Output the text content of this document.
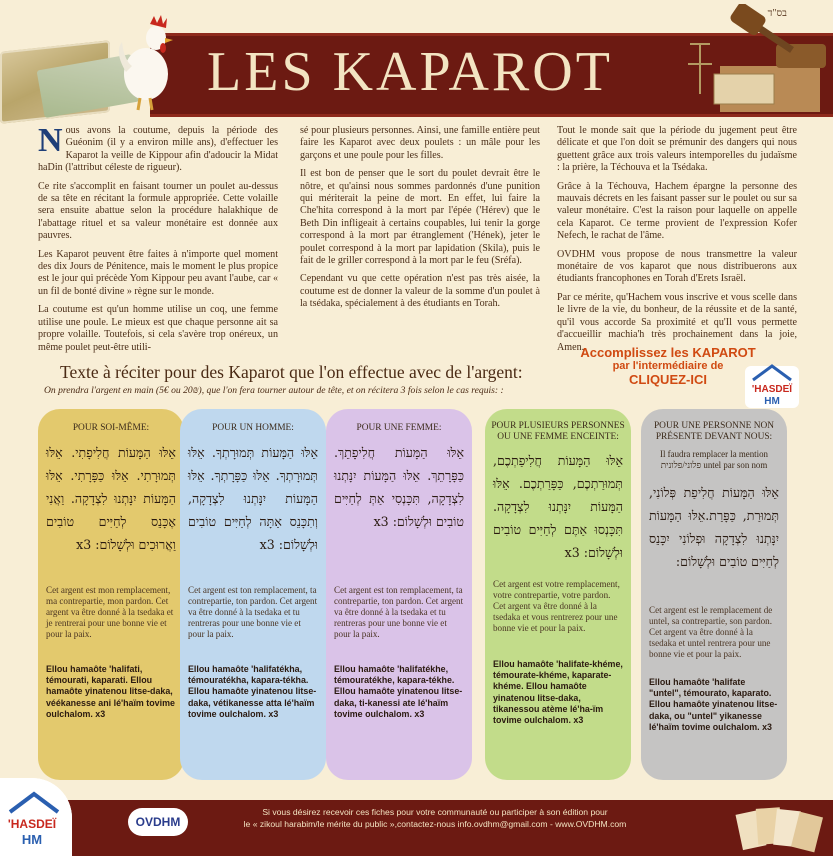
LES KAPAROT
בס"ד

Nous avons la coutume, depuis la période des Guéonim (il y a environ mille ans), d'effectuer les Kaparot la veille de Kippour afin d'adoucir la Midat haDin (l'attribut céleste de rigueur).

Ce rite s'accomplit en faisant tourner un poulet au-dessus de sa tête en récitant la formule appropriée. Cette volaille sera ensuite abattue selon la procédure halakhique de l'abattage rituel et sa valeur monétaire est donnée aux pauvres.

Les Kaparot peuvent être faites à n'importe quel moment des dix Jours de Pénitence, mais le moment le plus propice est le jour qui précède Yom Kippour peu avant l'aube, car « un fil de bonté divine » règne sur le monde.

La coutume est qu'un homme utilise un coq, une femme utilise une poule. Le mieux est que chaque personne ait sa propre volaille. Toutefois, si cela s'avère trop onéreux, un même poulet peut-être utili-

sé pour plusieurs personnes. Ainsi, une famille entière peut faire les Kaparot avec deux poulets : un mâle pour les garçons et une poule pour les filles.

Il est bon de penser que le sort du poulet devrait être le nôtre, et qu'ainsi nous sommes pardonnés d'une punition qui mériterait la peine de mort. En effet, lui faire la Che'hita correspond à la mort par l'épée ('Hérev) que le Beth Din infligeait à certains coupables, lui tenir la gorge correspond à la mort par étranglement ('Hének), jeter le poulet correspond à la mort par lapidation (Skila), puis le fait de le griller correspond à la mort par le feu (Sréfa).

Cependant vu que cette opération n'est pas très aisée, la coutume est de donner la valeur de la somme d'un poulet à la tsédaka, spécialement à des étudiants en Torah.

Tout le monde sait que la période du jugement peut être délicate et que l'on doit se prémunir des dangers qui nous guettent grâce aux trois valeurs intemporelles du judaïsme : la prière, la Téchouva et la Tsédaka.

Grâce à la Téchouva, Hachem épargne la personne des mauvais décrets en les faisant passer sur le poulet ou sur sa valeur monétaire. C'est la raison pour laquelle on appelle cela Kaparot. Ce terme provient de l'expression Kofer Nefech, le rachat de l'âme.

OVDHM vous propose de nous transmettre la valeur monétaire de vos kaparot que nous distribuerons aux étudiants francophones en Torah d'Erets Israël.

Par ce mérite, qu'Hachem vous inscrive et vous scelle dans le livre de la vie, du bonheur, de la réussite et de la santé, qu'il vous accorde Sa proximité et qu'Il vous permette d'accueillir machia'h très prochainement dans la joie, Amen.

Texte à réciter pour des Kaparot que l'on effectue avec de l'argent:
On prendra l'argent en main (5€ ou 20₪), que l'on fera tourner autour de tête, et on récitera 3 fois selon le cas requis: :
Accomplissez les KAPAROT
par l'intermédiaire de
CLIQUEZ-ICI
'HASDEÏ
HM
POUR SOI-MÊME:
אֵלּוּ הַמָּעוֹת חֲלִיפָתִי. אֵלּוּ תְּמוּרָתִי. אֵלּוּ כַּפָּרָתִי. אֵלּוּ הַמָּעוֹת יִנָּתְנוּ לִצְדָקָה. וַאֲנִי אֶכָּנֵס לְחַיִּים טוֹבִים וַאֲרוּכִים וּלְשָׁלוֹם: x3
Cet argent est mon remplacement, ma contrepartie, mon pardon. Cet argent va être donné à la tsedaka et je rentrerai pour une bonne vie et pour la paix.
Ellou hamaôte 'halifati, témourati, kaparati. Ellou hamaôte yinatenou litse-daka, véékanesse ani lé'haïm tovime oulchalom. x3
POUR UN HOMME:
אֵלּוּ הַמָּעוֹת תְּמוּרָתְךָ. אֵלּוּ תְּמוּרָתְךָ. אֵלּוּ כַּפָּרָתְךָ. אֵלּוּ הַמָּעוֹת יִנָּתְנוּ לִצְדָקָה, וְתִכָּנֵס אַתָּה לְחַיִּים טוֹבִים וּלְשָׁלוֹם: x3
Cet argent est ton remplacement, ta contrepartie, ton pardon. Cet argent va être donné à la tsedaka et tu rentreras pour une bonne vie et pour la paix.
Ellou hamaôte 'halifatékha, témouratékha, kapara-tékha. Ellou hamaôte yinatenou litse-daka, vétikanesse atta lé'haïm tovime oulchalom. x3
POUR UNE FEMME:
אֵלּוּ הַמָּעוֹת חֲלִיפָתֵךְ. כַּפָּרָתֵךְ. אֵלּוּ הַמָּעוֹת יִנָּתְנוּ לִצְדָקָה, תִּכָּנְסִי אַתְּ לְחַיִּים טוֹבִים וּלְשָׁלוֹם: x3
Cet argent est ton remplacement, ta contrepartie, ton pardon. Cet argent va être donné à la tsedaka et tu rentreras pour une bonne vie et pour la paix.
Ellou hamaôte 'halifatékhe, témouratékhe, kapara-tékhe. Ellou hamaôte yinatenou litse-daka, ti-kanessi ate lé'haïm tovime oulchalom. x3
POUR PLUSIEURS PERSONNES OU UNE FEMME ENCEINTE:
אֵלּוּ הַמָּעוֹת חֲלִיפַתְכֶם, תְּמוּרַתְכֶם, כַּפָּרַתְכֶם. אֵלּוּ הַמָּעוֹת יִנָּתְנוּ לִצְדָקָה. תִּכָּנְסוּ אַתֶּם לְחַיִּים טוֹבִים וּלְשָׁלוֹם: x3
Cet argent est votre remplacement, votre contrepartie, votre pardon. Cet argent va être donné à la tsedaka et vous rentrerez pour une bonne vie et pour la paix.
Ellou hamaôte 'halifate-khéme, témourate-khéme, kaparate-khéme. Ellou hamaôte yinatenou litse-daka, tikanessou atème lé'ha-ïm tovime oulchalom. x3
POUR UNE PERSONNE NON PRÉSENTE DEVANT NOUS:
Il faudra remplacer la mention פלוני/פלונית untel par son nom
אֵלּוּ הַמָּעוֹת חֲלִיפַת פְּלוֹנִי, תְּמוּרַת, כַּפָּרַת.אֵלּוּ הַמָּעוֹת יִנָּתְנוּ לִצְדָקָה וּפְלוֹנִי יִכָּנֵס לְחַיִּים טוֹבִים וּלְשָׁלוֹם:
Cet argent est le remplacement de untel, sa contrepartie, son pardon. Cet argent va être donné à la tsedaka et untel rentrera pour une bonne vie et pour la paix.
Ellou hamaôte 'halifate "untel", témourato, kaparato. Ellou hamaôte yinatenou litse-daka, ou "untel" yikanesse lé'haïm tovime oulchalom. x3
'HASDEÏ
HM
OVDHM
Si vous désirez recevoir ces fiches pour votre communauté ou participer à son édition pour
le « zikoul harabim/le mérite du public »,contactez-nous info.ovdhm@gmail.com - www.OVDHM.com
